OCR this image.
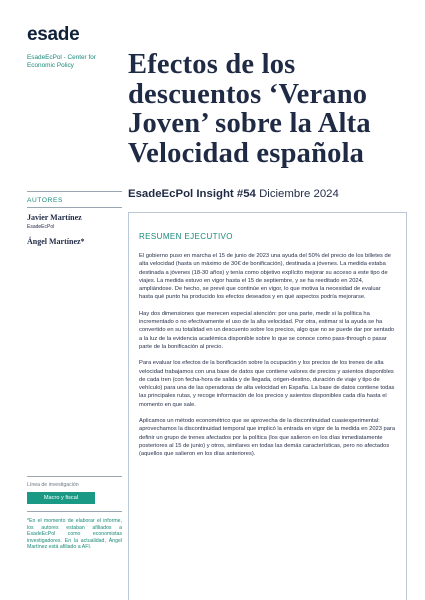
esade
EsadeEcPol - Center for Economic Policy	Efectos de los descuentos ‘Verano Joven’ sobre la Alta Velocidad española
EsadeEcPol Insight #54 Diciembre 2024
AUTORES
Javier Martínez
EsadeEcPol
Ángel Martínez*
Línea de investigación
Macro y fiscal
*En el momento de elaborar el informe, los autores estaban afiliados a EsadeEcPol como economistas investigadores. En la actualidad, Ángel Martínez está afiliado a AFI.
RESUMEN EJECUTIVO

El gobierno puso en marcha el 15 de junio de 2023 una ayuda del 50% del precio de los billetes de alta velocidad (hasta un máximo de 30€ de bonificación), destinada a jóvenes. La medida estaba destinada a jóvenes (18-30 años) y tenía como objetivo explícito mejorar su acceso a este tipo de viajes. La medida estuvo en vigor hasta el 15 de septiembre, y se ha reeditado en 2024, ampliándose. De hecho, se prevé que continúe en vigor, lo que motiva la necesidad de evaluar hasta qué punto ha producido los efectos deseados y en qué aspectos podría mejorarse.

Hay dos dimensiones que merecen especial atención: por una parte, medir si la política ha incrementado o no efectivamente el uso de la alta velocidad. Por otra, estimar si la ayuda se ha convertido en su totalidad en un descuento sobre los precios, algo que no se puede dar por sentado a la luz de la evidencia académica disponible sobre lo que se conoce como pass-through o pasar parte de la bonificación al precio.

Para evaluar los efectos de la bonificación sobre la ocupación y los precios de los trenes de alta velocidad trabajamos con una base de datos que contiene valores de precios y asientos disponibles de cada tren (con fecha-hora de salida y de llegada, origen-destino, duración de viaje y tipo de vehículo) para una de las operadoras de alta velocidad en España. La base de datos contiene todas las principales rutas, y recoge información de los precios y asientos disponibles cada día hasta el momento en que sale.

Aplicamos un método econométrico que se aprovecha de la discontinuidad cuasiexperimental: aprovechamos la discontinuidad temporal que implicó la entrada en vigor de la medida en 2023 para definir un grupo de trenes afectados por la política (los que salieron en los días inmediatamente posteriores al 15 de junio) y otros, similares en todas las demás características, pero no afectados (aquellos que salieron en los días anteriores).
